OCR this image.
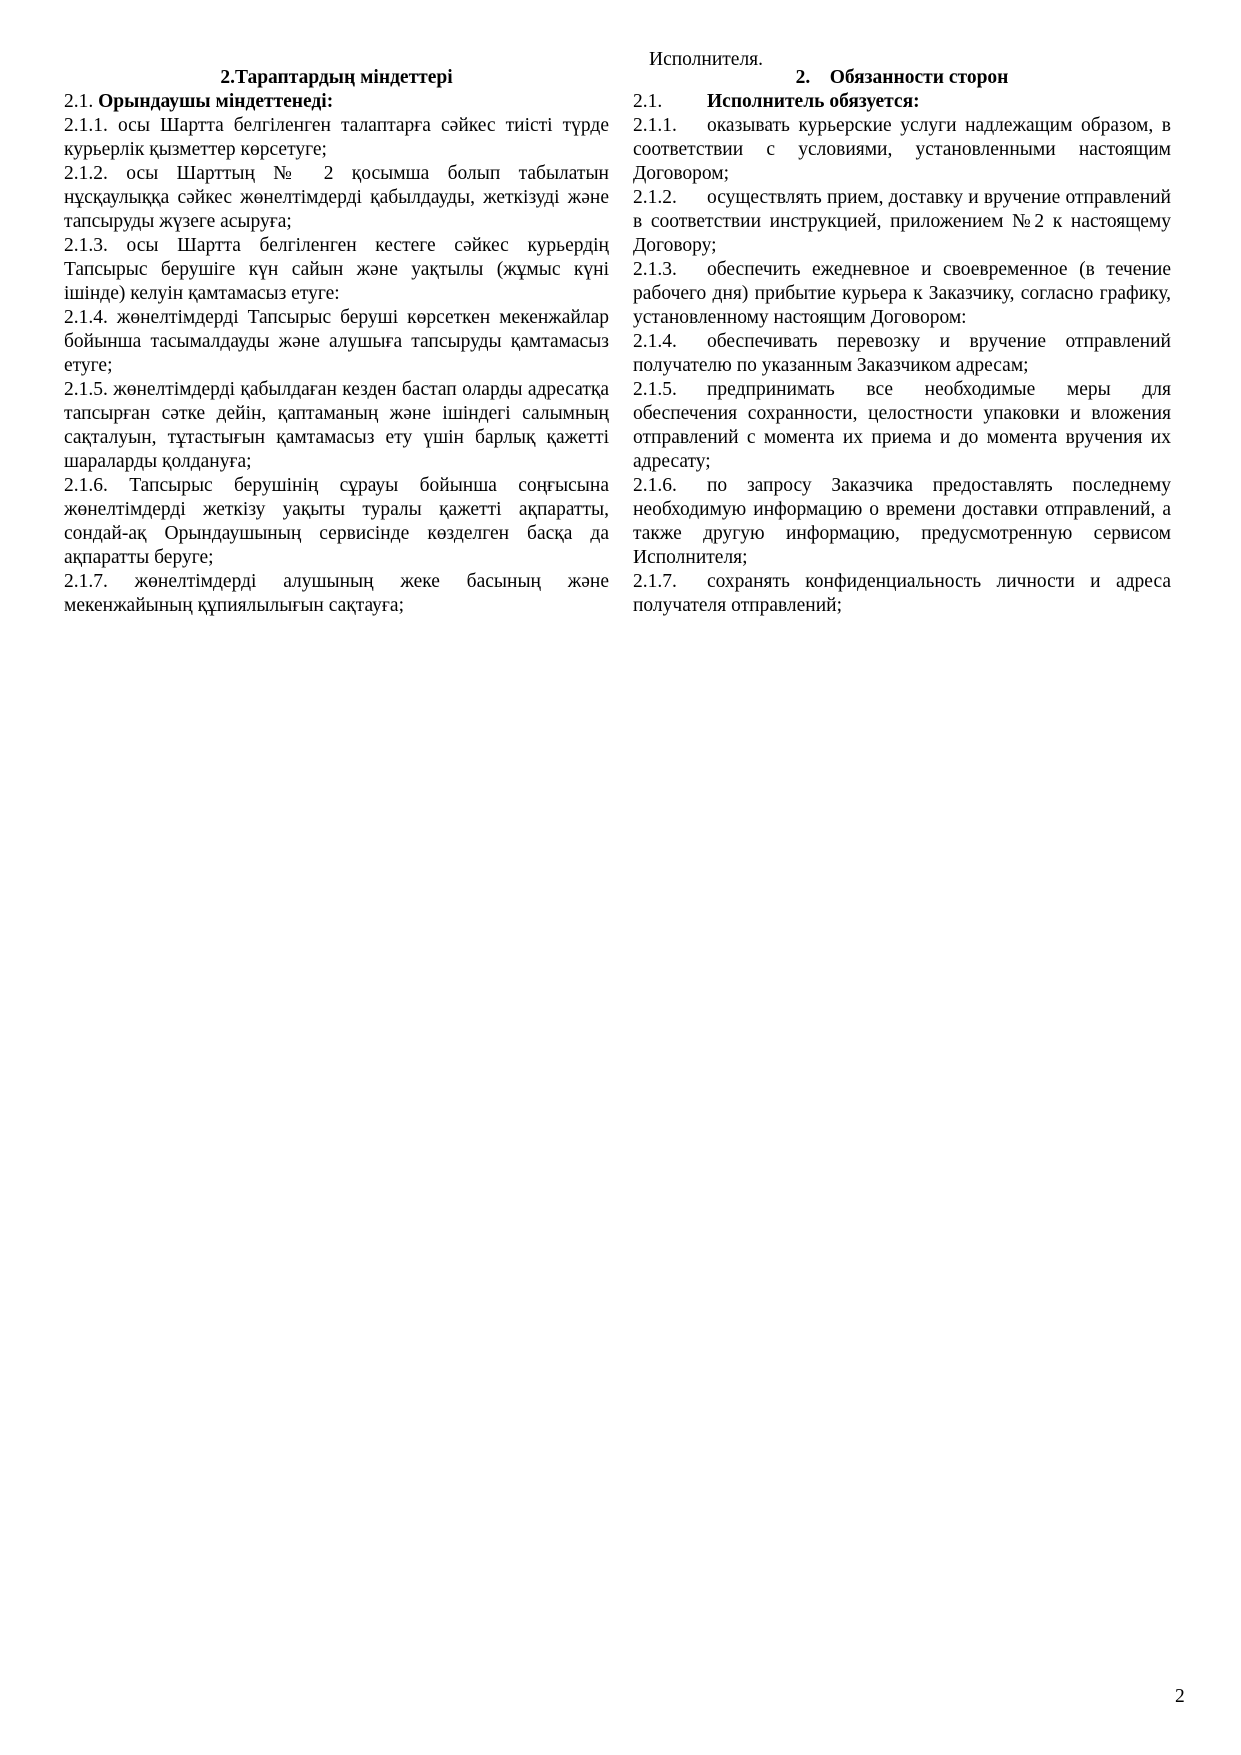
2.Тараптардың міндеттері
2.1. Орындаушы міндеттенеді:
2.1.1. осы Шартта белгіленген талаптарға сәйкес тиісті түрде курьерлік қызметтер көрсетуге;
2.1.2. осы Шарттың № 2 қосымша болып табылатын нұсқаулыққа сәйкес жөнелтімдерді қабылдауды, жеткізуді және тапсыруды жүзеге асыруға;
2.1.3. осы Шартта белгіленген кестеге сәйкес курьердің Тапсырыс берушіге күн сайын және уақтылы (жұмыс күні ішінде) келуін қамтамасыз етуге:
2.1.4. жөнелтімдерді Тапсырыс беруші көрсеткен мекенжайлар бойынша тасымалдауды және алушыға тапсыруды қамтамасыз етуге;
2.1.5. жөнелтімдерді қабылдаған кезден бастап оларды адресатқа тапсырған сәтке дейін, қаптаманың және ішіндегі салымның сақталуын, тұтастығын қамтамасыз ету үшін барлық қажетті шараларды қолдануға;
2.1.6. Тапсырыс берушінің сұрауы бойынша соңғысына жөнелтімдерді жеткізу уақыты туралы қажетті ақпаратты, сондай-ақ Орындаушының сервисінде көзделген басқа да ақпаратты беруге;
2.1.7. жөнелтімдерді алушының жеке басының және мекенжайының құпиялылығын сақтауға;
Исполнителя.
2.    Обязанности сторон
2.1. Исполнитель обязуется:
2.1.1. оказывать курьерские услуги надлежащим образом, в соответствии с условиями, установленными настоящим Договором;
2.1.2. осуществлять прием, доставку и вручение отправлений в соответствии инструкцией, приложением №2 к настоящему Договору;
2.1.3. обеспечить ежедневное и своевременное (в течение рабочего дня) прибытие курьера к Заказчику, согласно графику, установленному настоящим Договором:
2.1.4. обеспечивать перевозку и вручение отправлений получателю по указанным Заказчиком адресам;
2.1.5. предпринимать все необходимые меры для обеспечения сохранности, целостности упаковки и вложения отправлений с момента их приема и до момента вручения их адресату;
2.1.6. по запросу Заказчика предоставлять последнему необходимую информацию о времени доставки отправлений, а также другую информацию, предусмотренную сервисом Исполнителя;
2.1.7. сохранять конфиденциальность личности и адреса получателя отправлений;
2
